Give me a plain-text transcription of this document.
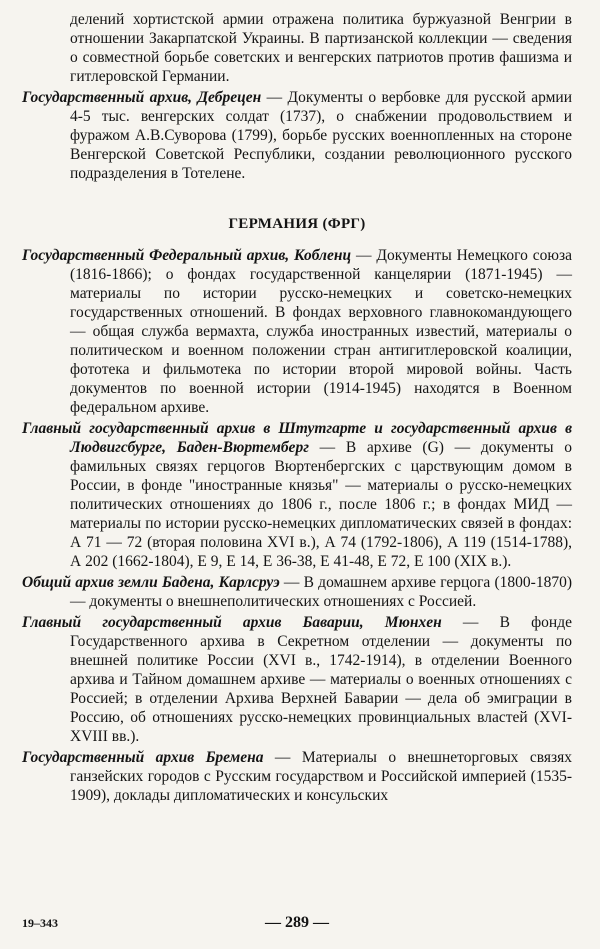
делений хортистской армии отражена политика буржуазной Венгрии в отношении Закарпатской Украины. В партизанской коллекции — сведения о совместной борьбе советских и венгерских патриотов против фашизма и гитлеровской Германии.

Государственный архив, Дебрецен — Документы о вербовке для русской армии 4-5 тыс. венгерских солдат (1737), о снабжении продовольствием и фуражом А.В.Суворова (1799), борьбе русских военнопленных на стороне Венгерской Советской Республики, создании революционного русского подразделения в Тотелене.

ГЕРМАНИЯ (ФРГ)

Государственный Федеральный архив, Кобленц — Документы Немецкого союза (1816-1866); о фондах государственной канцелярии (1871-1945) — материалы по истории русско-немецких и советско-немецких государственных отношений. В фондах верховного главнокомандующего — общая служба вермахта, служба иностранных известий, материалы о политическом и военном положении стран антигитлеровской коалиции, фототека и фильмотека по истории второй мировой войны. Часть документов по военной истории (1914-1945) находятся в Военном федеральном архиве.

Главный государственный архив в Штутгарте и государственный архив в Людвигсбурге, Баден-Вюртемберг — В архиве (G) — документы о фамильных связях герцогов Вюртенбергских с царствующим домом в России, в фонде "иностранные князья" — материалы о русско-немецких политических отношениях до 1806 г., после 1806 г.; в фондах МИД — материалы по истории русско-немецких дипломатических связей в фондах: А 71 — 72 (вторая половина XVI в.), А 74 (1792-1806), А 119 (1514-1788), А 202 (1662-1804), Е 9, Е 14, Е 36-38, Е 41-48, Е 72, Е 100 (XIX в.).

Общий архив земли Бадена, Карлсруэ — В домашнем архиве герцога (1800-1870) — документы о внешнеполитических отношениях с Россией.

Главный государственный архив Баварии, Мюнхен — В фонде Государственного архива в Секретном отделении — документы по внешней политике России (XVI в., 1742-1914), в отделении Военного архива и Тайном домашнем архиве — материалы о военных отношениях с Россией; в отделении Архива Верхней Баварии — дела об эмиграции в Россию, об отношениях русско-немецких провинциальных властей (XVI-XVIII вв.).

Государственный архив Бремена — Материалы о внешнеторговых связях ганзейских городов с Русским государством и Российской империей (1535-1909), доклады дипломатических и консульских

19–343	— 289 —
